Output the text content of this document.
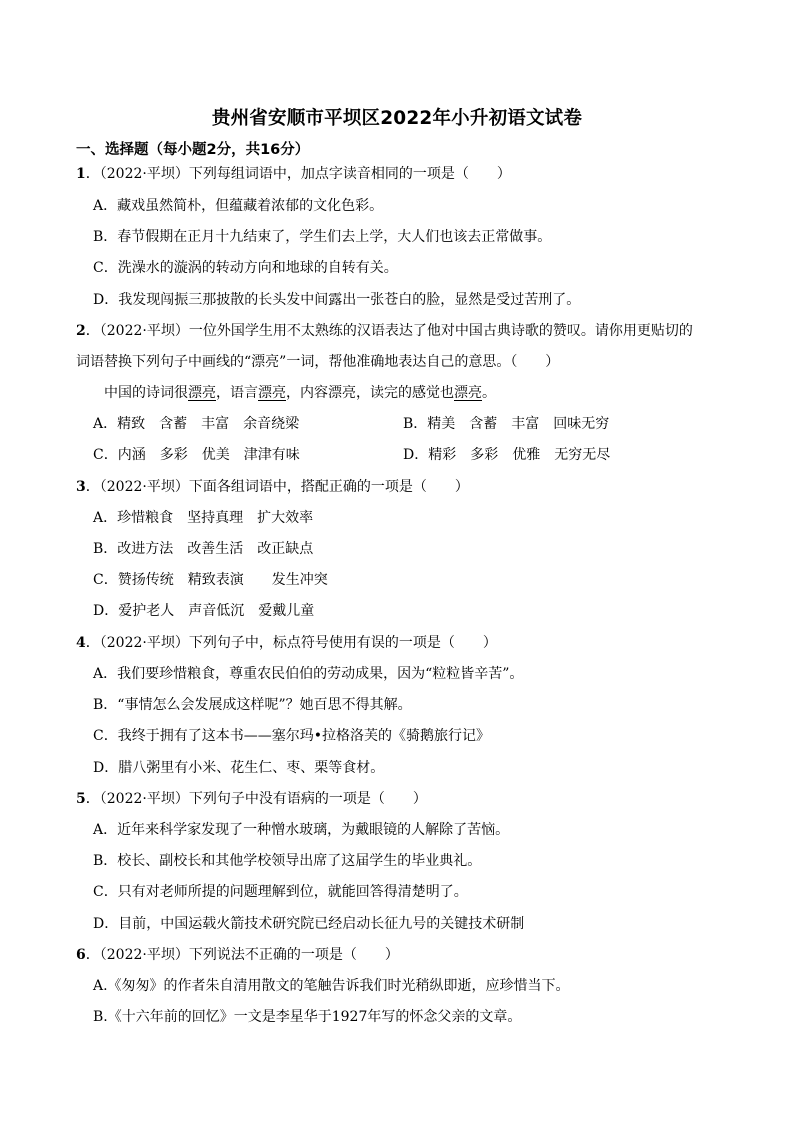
贵州省安顺市平坝区2022年小升初语文试卷
一、选择题（每小题2分，共16分）
1．（2022·平坝）下列每组词语中，加点字读音相同的一项是（　　）
A．藏戏虽然简朴，但蕴藏着浓郁的文化色彩。
B．春节假期在正月十九结束了，学生们去上学，大人们也该去正常做事。
C．洗澡水的漩涡的转动方向和地球的自转有关。
D．我发现闯振三那披散的长头发中间露出一张苍白的脸，显然是受过苦刑了。
2．（2022·平坝）一位外国学生用不太熟练的汉语表达了他对中国古典诗歌的赞叹。请你用更贴切的
词语替换下列句子中画线的“漂亮”一词，帮他准确地表达自己的意思。（　　）
中国的诗词很漂亮，语言漂亮，内容漂亮，读完的感觉也漂亮。
A．精致　含蓄　丰富　余音绕梁	B．精美　含蓄　丰富　回味无穷
C．内涵　多彩　优美　津津有味	D．精彩　多彩　优雅　无穷无尽
3．（2022·平坝）下面各组词语中，搭配正确的一项是（　　）
A．珍惜粮食　坚持真理　扩大效率
B．改进方法　改善生活　改正缺点
C．赞扬传统　精致表演　　发生冲突
D．爱护老人　声音低沉　爱戴儿童
4．（2022·平坝）下列句子中，标点符号使用有误的一项是（　　）
A．我们要珍惜粮食，尊重农民伯伯的劳动成果，因为“粒粒皆辛苦”。
B．“事情怎么会发展成这样呢”？她百思不得其解。
C．我终于拥有了这本书——塞尔玛•拉格洛芙的《骑鹅旅行记》
D．腊八粥里有小米、花生仁、枣、栗等食材。
5．（2022·平坝）下列句子中没有语病的一项是（　　）
A．近年来科学家发现了一种憎水玻璃，为戴眼镜的人解除了苦恼。
B．校长、副校长和其他学校领导出席了这届学生的毕业典礼。
C．只有对老师所提的问题理解到位，就能回答得清楚明了。
D．目前，中国运载火箭技术研究院已经启动长征九号的关键技术研制
6．（2022·平坝）下列说法不正确的一项是（　　）
A.《匆匆》的作者朱自清用散文的笔触告诉我们时光稍纵即逝，应珍惜当下。
B.《十六年前的回忆》一文是李星华于1927年写的怀念父亲的文章。
